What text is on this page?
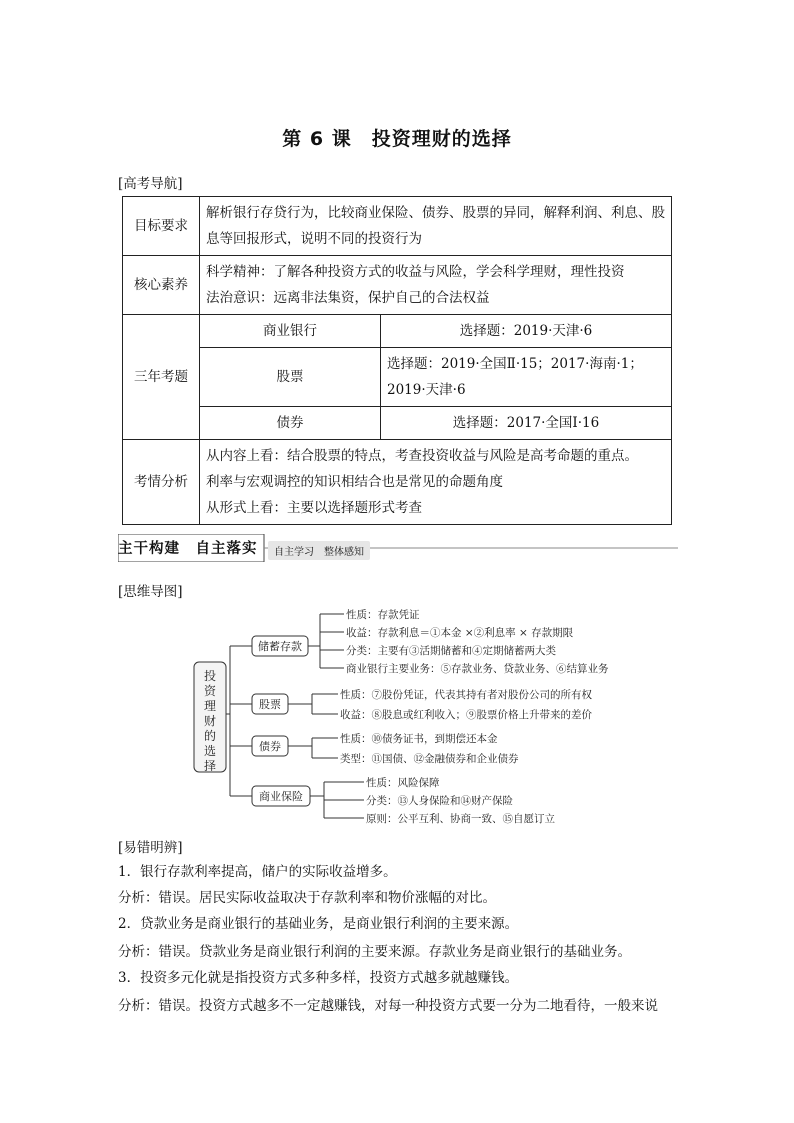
第 6 课　投资理财的选择
[高考导航]
目标要求	解析银行存贷行为，比较商业保险、债券、股票的异同，解释利润、利息、股息等回报形式，说明不同的投资行为	
核心素养	科学精神：了解各种投资方式的收益与风险，学会科学理财，理性投资
法治意识：远离非法集资，保护自己的合法权益	

三年考题	商业银行	选择题：2019·天津·6
	股票	选择题：2019·全国Ⅱ·15；2017·海南·1；
2019·天津·6

	债券	选择题：2017·全国Ⅰ·16
考情分析	从内容上看：结合股票的特点，考查投资收益与风险是高考命题的重点。
利率与宏观调控的知识相结合也是常见的命题角度
从形式上看：主要以选择题形式考查	
主干构建　自主落实	自主学习　整体感知
[思维导图]
投
资
理
财
的
选
择
储蓄存款
股票
债券
商业保险
性质：存款凭证
收益：存款利息＝①本金 ×②利息率 × 存款期限
分类：主要有③活期储蓄和④定期储蓄两大类
商业银行主要业务：⑤存款业务、贷款业务、⑥结算业务
性质：⑦股份凭证，代表其持有者对股份公司的所有权
收益：⑧股息或红利收入；⑨股票价格上升带来的差价
性质：⑩债务证书，到期偿还本金
类型：⑪国债、⑫金融债券和企业债券
性质：风险保障
分类：⑬人身保险和⑭财产保险
原则：公平互利、协商一致、⑮自愿订立
[易错明辨]
1．银行存款利率提高，储户的实际收益增多。
分析：错误。居民实际收益取决于存款利率和物价涨幅的对比。
2．贷款业务是商业银行的基础业务，是商业银行利润的主要来源。
分析：错误。贷款业务是商业银行利润的主要来源。存款业务是商业银行的基础业务。
3．投资多元化就是指投资方式多种多样，投资方式越多就越赚钱。
分析：错误。投资方式越多不一定越赚钱，对每一种投资方式要一分为二地看待，一般来说
